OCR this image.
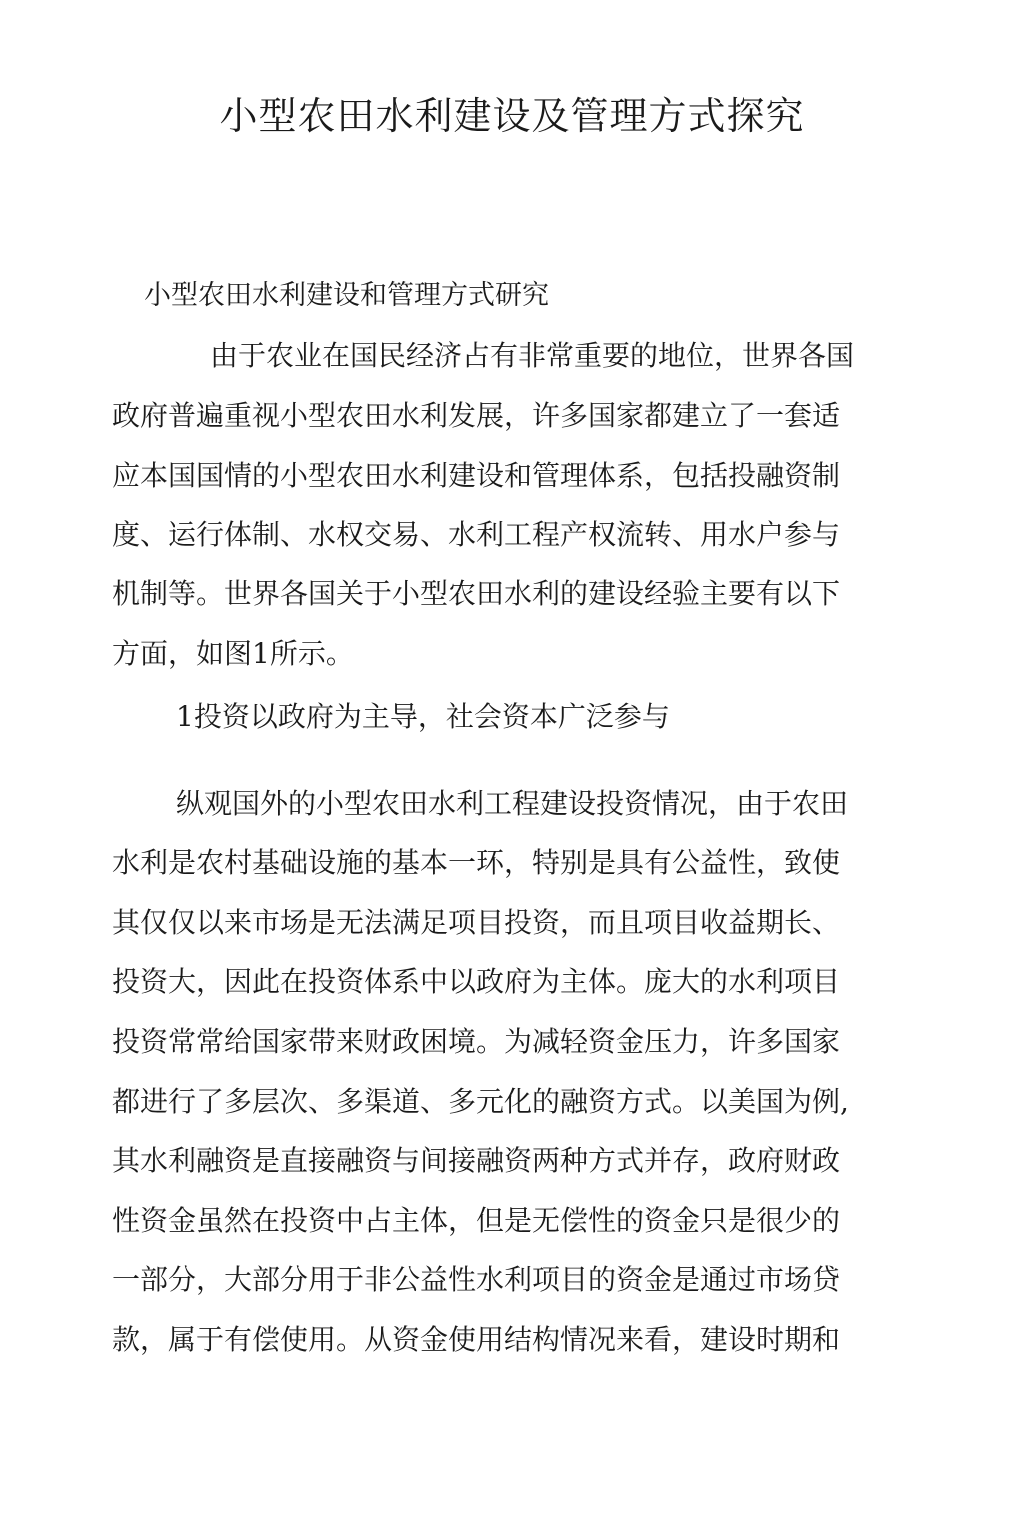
小型农田水利建设及管理方式探究
小型农田水利建设和管理方式研究
由于农业在国民经济占有非常重要的地位，世界各国
政府普遍重视小型农田水利发展，许多国家都建立了一套适
应本国国情的小型农田水利建设和管理体系，包括投融资制
度、运行体制、水权交易、水利工程产权流转、用水户参与
机制等。世界各国关于小型农田水利的建设经验主要有以下
方面，如图1所示。
1投资以政府为主导，社会资本广泛参与
纵观国外的小型农田水利工程建设投资情况，由于农田
水利是农村基础设施的基本一环，特别是具有公益性，致使
其仅仅以来市场是无法满足项目投资，而且项目收益期长、
投资大，因此在投资体系中以政府为主体。庞大的水利项目
投资常常给国家带来财政困境。为减轻资金压力，许多国家
都进行了多层次、多渠道、多元化的融资方式。以美国为例,
其水利融资是直接融资与间接融资两种方式并存，政府财政
性资金虽然在投资中占主体，但是无偿性的资金只是很少的
一部分，大部分用于非公益性水利项目的资金是通过市场贷
款，属于有偿使用。从资金使用结构情况来看，建设时期和
